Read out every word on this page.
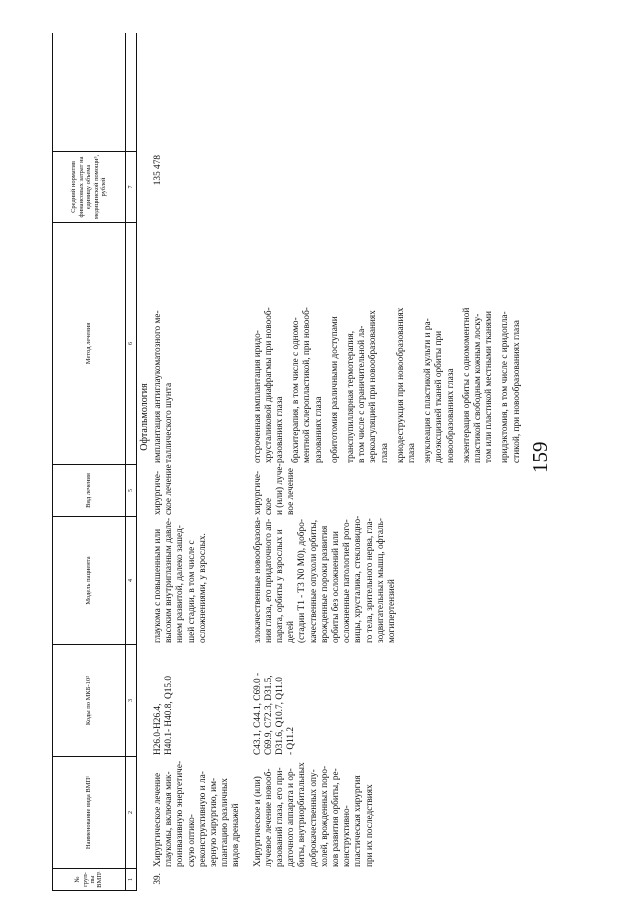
159
№ груп-пы ВМП¹
Наименование вида ВМП¹
Коды по МКБ-10²
Модель пациента
Вид лечения
Метод лечения
Средний норматив финансовых затрат на единицу объема медицинской помощи³, рублей
1
2
3
4
5
6
7
Офтальмология
39.
Хирургическое лечение глаукомы, включая мик- роинвазивную энергетиче- скую оптико- реконструктивную и ла- зерную хирургию, им- плантацию различных видов дренажей
H26.0-H26.4, H40.1- H40.8, Q15.0
глаукома с повышенным или высоким внутриглазным давле- нием развитой, далеко зашед- шей стадии, в том числе с осложнениями, у взрослых.
хирургиче- ское лечение
имплантация антиглаукоматозного ме- таллического шунта
135 478
Хирургическое и (или) лучевое лечение новооб- разований глаза, его при- даточного аппарата и ор- биты, внутриорбитальных доброкачественных опу- холей, врожденных поро- ков развития орбиты, ре- конструктивно- пластическая хирургия при их последствиях
C43.1, C44.1, C69.0 - C69.9, C72.3, D31.5, D31.6, Q10.7, Q11.0 - Q11.2
злокачественные новообразова- ния глаза, его придаточного ап- парата, орбиты у взрослых и детей (стадии T1 - T3 N0 M0), добро- качественные опухоли орбиты, врожденные пороки развития орбиты без осложнений или осложненные патологией рого- вицы, хрусталика, стекловидно- го тела, зрительного нерва, гла- зодвигательных мышц, офталь- могипертензией
хирургиче- ское и (или) луче- вое лечение
отсроченная имплантация иридо- хрусталиковой диафрагмы при новооб- разованиях глаза брахитерапия, в том числе с одномо- ментной склеропластикой, при новооб- разованиях глаза орбитотомия различными доступами транспупиллярная термотерапия, в том числе с ограничительной ла- зеркоагуляцией при новообразованиях глаза криодеструкция при новообразованиях глаза энуклеация с пластикой культи и ра- диоэксцизией тканей орбиты при новообразованиях глаза экзентерация орбиты с одномоментной пластикой свободным кожным лоску- том или пластикой местными тканями иридэктомия, в том числе с иридопла- стикой, при новообразованиях глаза
